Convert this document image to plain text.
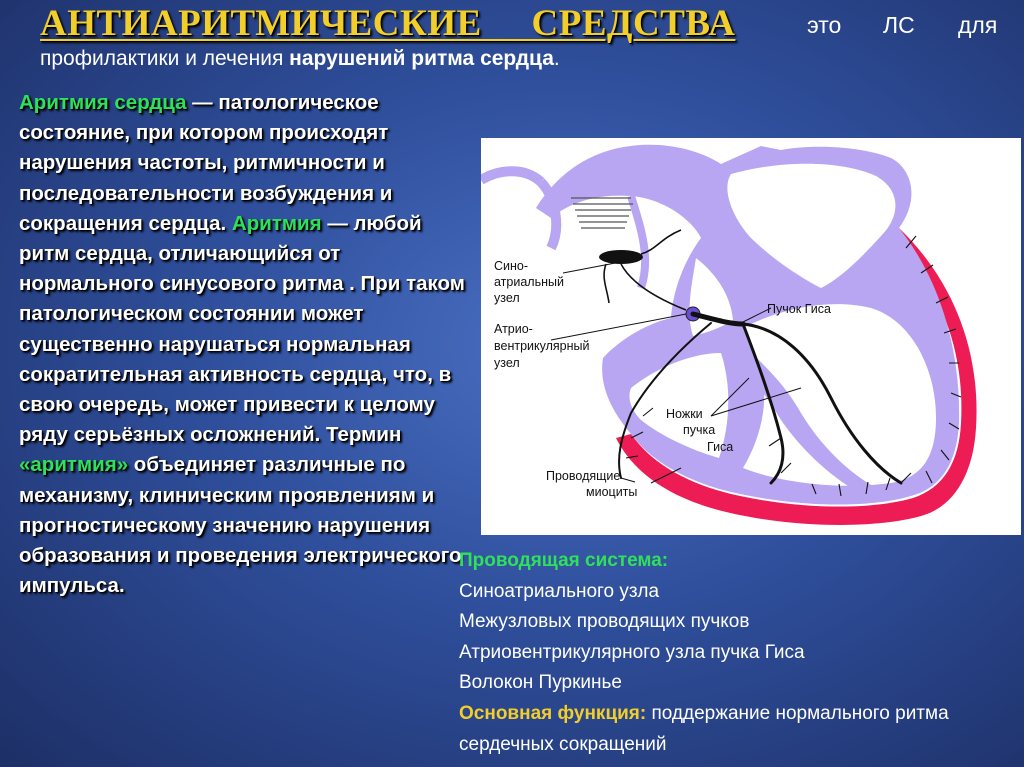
АНТИАРИТМИЧЕСКИЕ СРЕДСТВА	это ЛС для
профилактики и лечения нарушений ритма сердца.
Аритмия сердца — патологическое состояние, при котором происходят нарушения частоты, ритмичности и последовательности возбуждения и сокращения сердца. Аритмия — любой ритм сердца, отличающийся от нормального синусового ритма . При таком патологическом состоянии может существенно нарушаться нормальная сократительная активность сердца, что, в свою очередь, может привести к целому ряду серьёзных осложнений. Термин «аритмия» объединяет различные по механизму, клиническим проявлениям и прогностическому значению нарушения образования и проведения электрического импульса.
Сино-
атриальный
узел
Атрио-
вентрикулярный
узел
Пучок Гиса
Ножки
пучка
Гиса
Проводящие
миоциты
Проводящая система:
Синоатриального узла
Межузловых проводящих пучков
Атриовентрикулярного узла пучка Гиса
Волокон Пуркинье
Основная функция: поддержание нормального ритма сердечных сокращений
